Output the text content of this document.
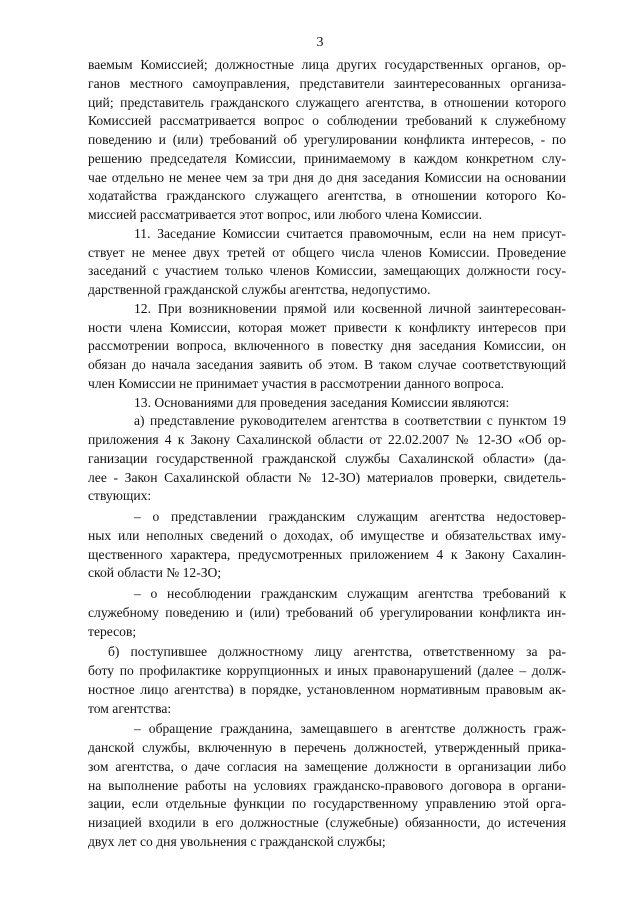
3
ваемым Комиссией; должностные лица других государственных органов, ор-
ганов местного самоуправления, представители заинтересованных организа-
ций; представитель гражданского служащего агентства, в отношении которого
Комиссией рассматривается вопрос о соблюдении требований к служебному
поведению и (или) требований об урегулировании конфликта интересов, - по
решению председателя Комиссии, принимаемому в каждом конкретном слу-
чае отдельно не менее чем за три дня до дня заседания Комиссии на основании
ходатайства гражданского служащего агентства, в отношении которого Ко-
миссией рассматривается этот вопрос, или любого члена Комиссии.
11. Заседание Комиссии считается правомочным, если на нем присут-
ствует не менее двух третей от общего числа членов Комиссии. Проведение
заседаний с участием только членов Комиссии, замещающих должности госу-
дарственной гражданской службы агентства, недопустимо.
12. При возникновении прямой или косвенной личной заинтересован-
ности члена Комиссии, которая может привести к конфликту интересов при
рассмотрении вопроса, включенного в повестку дня заседания Комиссии, он
обязан до начала заседания заявить об этом. В таком случае соответствующий
член Комиссии не принимает участия в рассмотрении данного вопроса.
13. Основаниями для проведения заседания Комиссии являются:
а) представление руководителем агентства в соответствии с пунктом 19
приложения 4 к Закону Сахалинской области от 22.02.2007 № 12-ЗО «Об ор-
ганизации государственной гражданской службы Сахалинской области» (да-
лее - Закон Сахалинской области № 12-ЗО) материалов проверки, свидетель-
ствующих:
– о представлении гражданским служащим агентства недостовер-
ных или неполных сведений о доходах, об имуществе и обязательствах иму-
щественного характера, предусмотренных приложением 4 к Закону Сахалин-
ской области № 12-ЗО;
– о несоблюдении гражданским служащим агентства требований к
служебному поведению и (или) требований об урегулировании конфликта ин-
тересов;
б) поступившее должностному лицу агентства, ответственному за ра-
боту по профилактике коррупционных и иных правонарушений (далее – долж-
ностное лицо агентства) в порядке, установленном нормативным правовым ак-
том агентства:
– обращение гражданина, замещавшего в агентстве должность граж-
данской службы, включенную в перечень должностей, утвержденный прика-
зом агентства, о даче согласия на замещение должности в организации либо
на выполнение работы на условиях гражданско-правового договора в органи-
зации, если отдельные функции по государственному управлению этой орга-
низацией входили в его должностные (служебные) обязанности, до истечения
двух лет со дня увольнения с гражданской службы;
